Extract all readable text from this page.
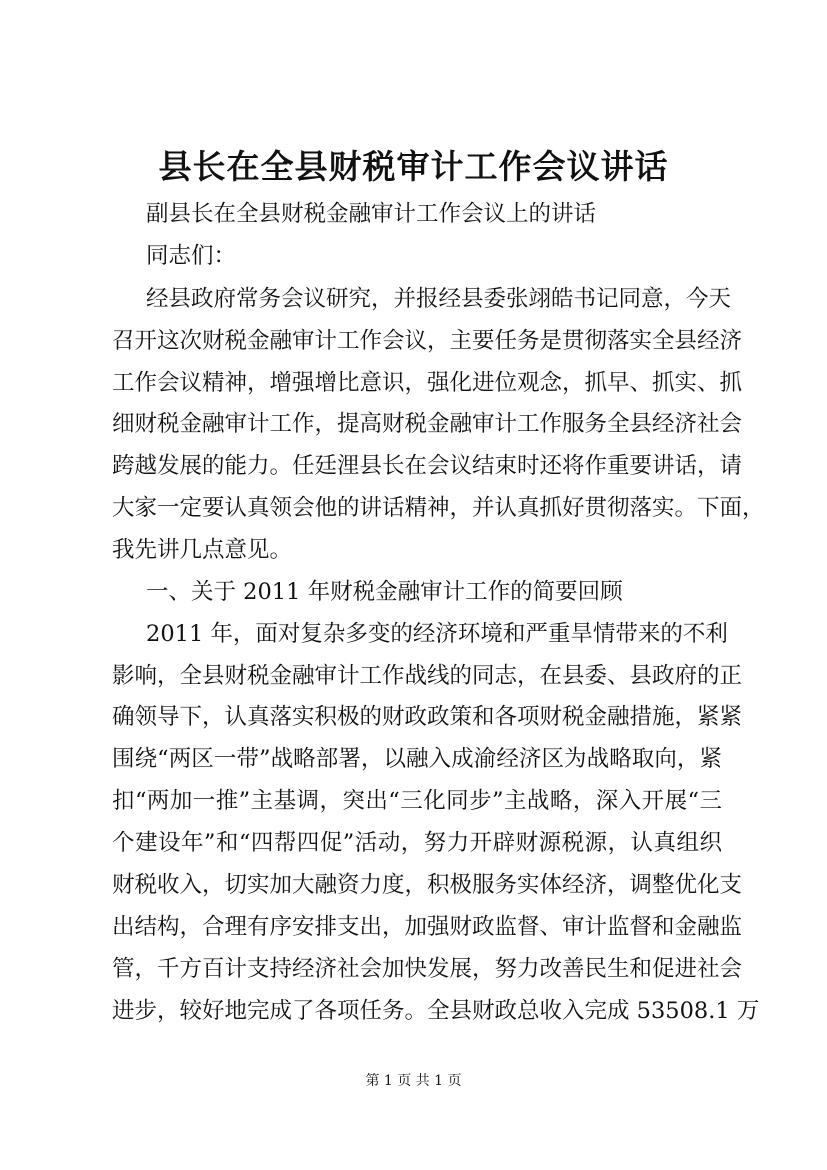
县长在全县财税审计工作会议讲话
副县长在全县财税金融审计工作会议上的讲话
同志们：
经县政府常务会议研究，并报经县委张翊皓书记同意，今天
召开这次财税金融审计工作会议，主要任务是贯彻落实全县经济
工作会议精神，增强增比意识，强化进位观念，抓早、抓实、抓
细财税金融审计工作，提高财税金融审计工作服务全县经济社会
跨越发展的能力。任廷浬县长在会议结束时还将作重要讲话，请
大家一定要认真领会他的讲话精神，并认真抓好贯彻落实。下面，
我先讲几点意见。
一、关于 2011 年财税金融审计工作的简要回顾
2011 年，面对复杂多变的经济环境和严重旱情带来的不利
影响，全县财税金融审计工作战线的同志，在县委、县政府的正
确领导下，认真落实积极的财政政策和各项财税金融措施，紧紧
围绕“两区一带”战略部署，以融入成渝经济区为战略取向，紧
扣“两加一推”主基调，突出“三化同步”主战略，深入开展“三
个建设年”和“四帮四促”活动，努力开辟财源税源，认真组织
财税收入，切实加大融资力度，积极服务实体经济，调整优化支
出结构，合理有序安排支出，加强财政监督、审计监督和金融监
管，千方百计支持经济社会加快发展，努力改善民生和促进社会
进步，较好地完成了各项任务。全县财政总收入完成 53508.1 万
第 1 页 共 1 页
